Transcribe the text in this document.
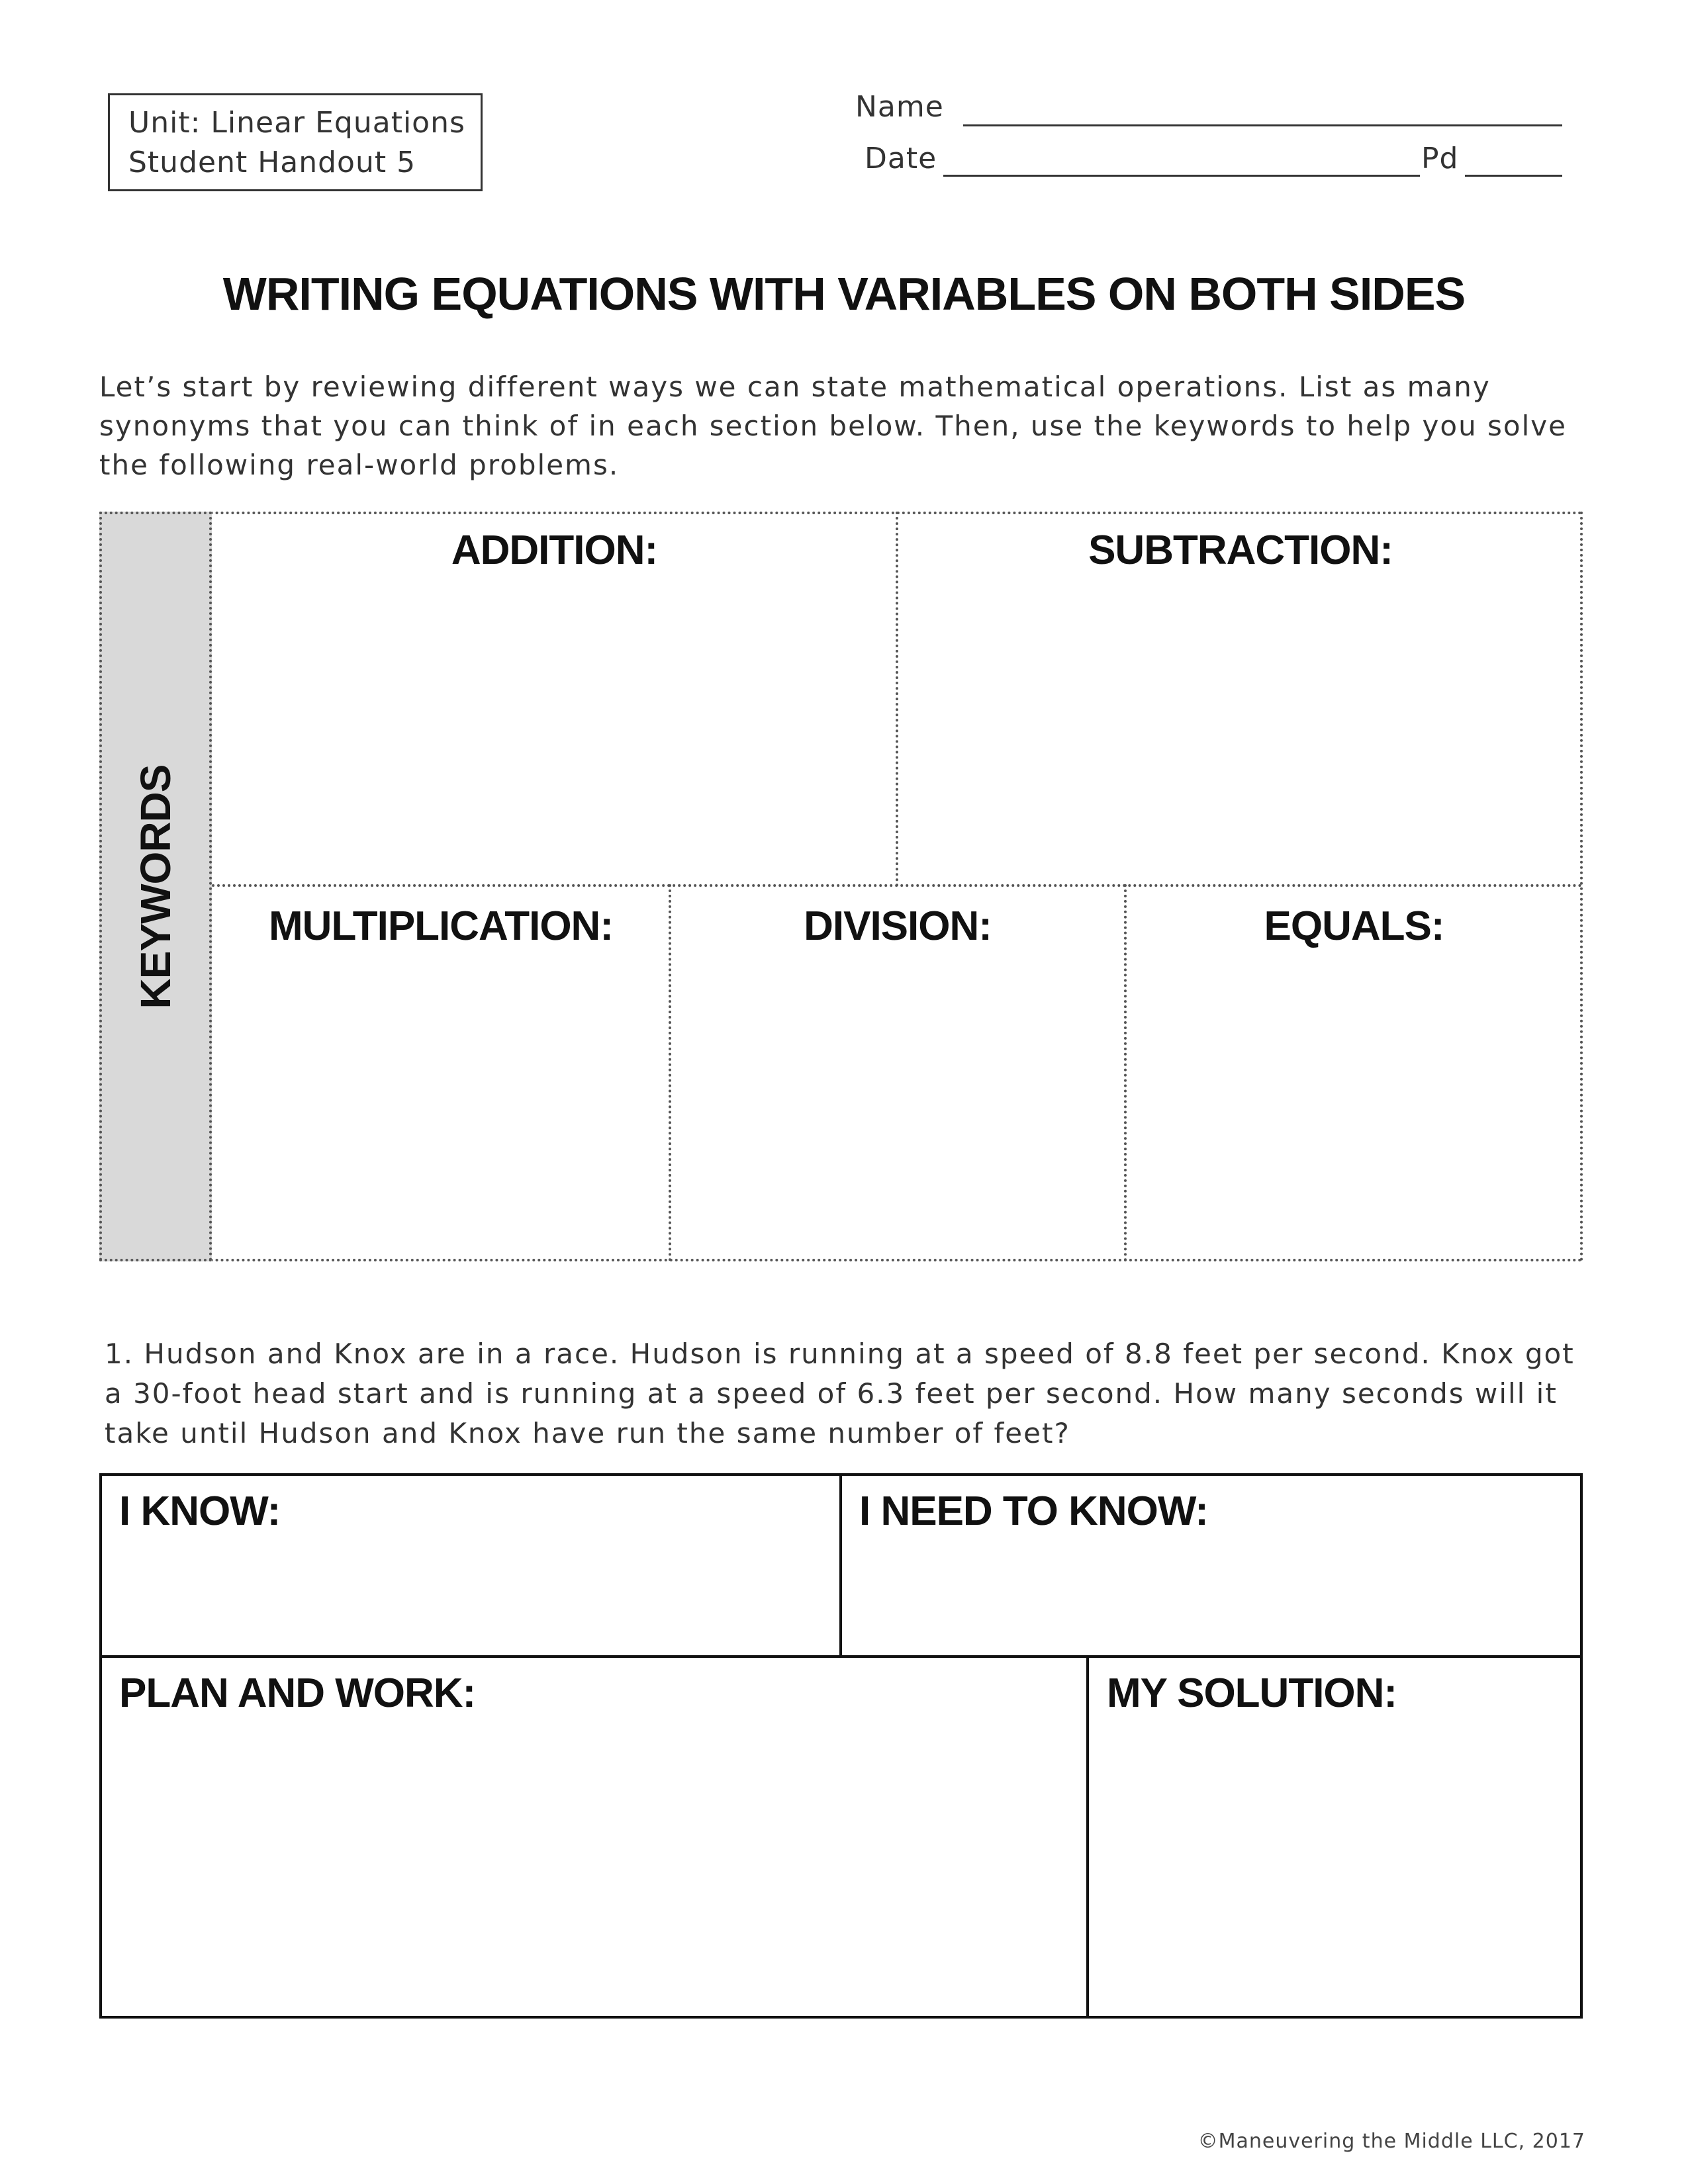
Unit: Linear Equations
Student Handout 5
Name
Date	Pd
WRITING EQUATIONS WITH VARIABLES ON BOTH SIDES
Let’s start by reviewing different ways we can state mathematical operations. List as many synonyms that you can think of in each section below. Then, use the keywords to help you solve the following real-world problems.
KEYWORDS
ADDITION:	SUBTRACTION:
MULTIPLICATION:	DIVISION:	EQUALS:
1. Hudson and Knox are in a race. Hudson is running at a speed of 8.8 feet per second. Knox got a 30-foot head start and is running at a speed of 6.3 feet per second. How many seconds will it take until Hudson and Knox have run the same number of feet?
I KNOW:	I NEED TO KNOW:
PLAN AND WORK:	MY SOLUTION:
©Maneuvering the Middle LLC, 2017
